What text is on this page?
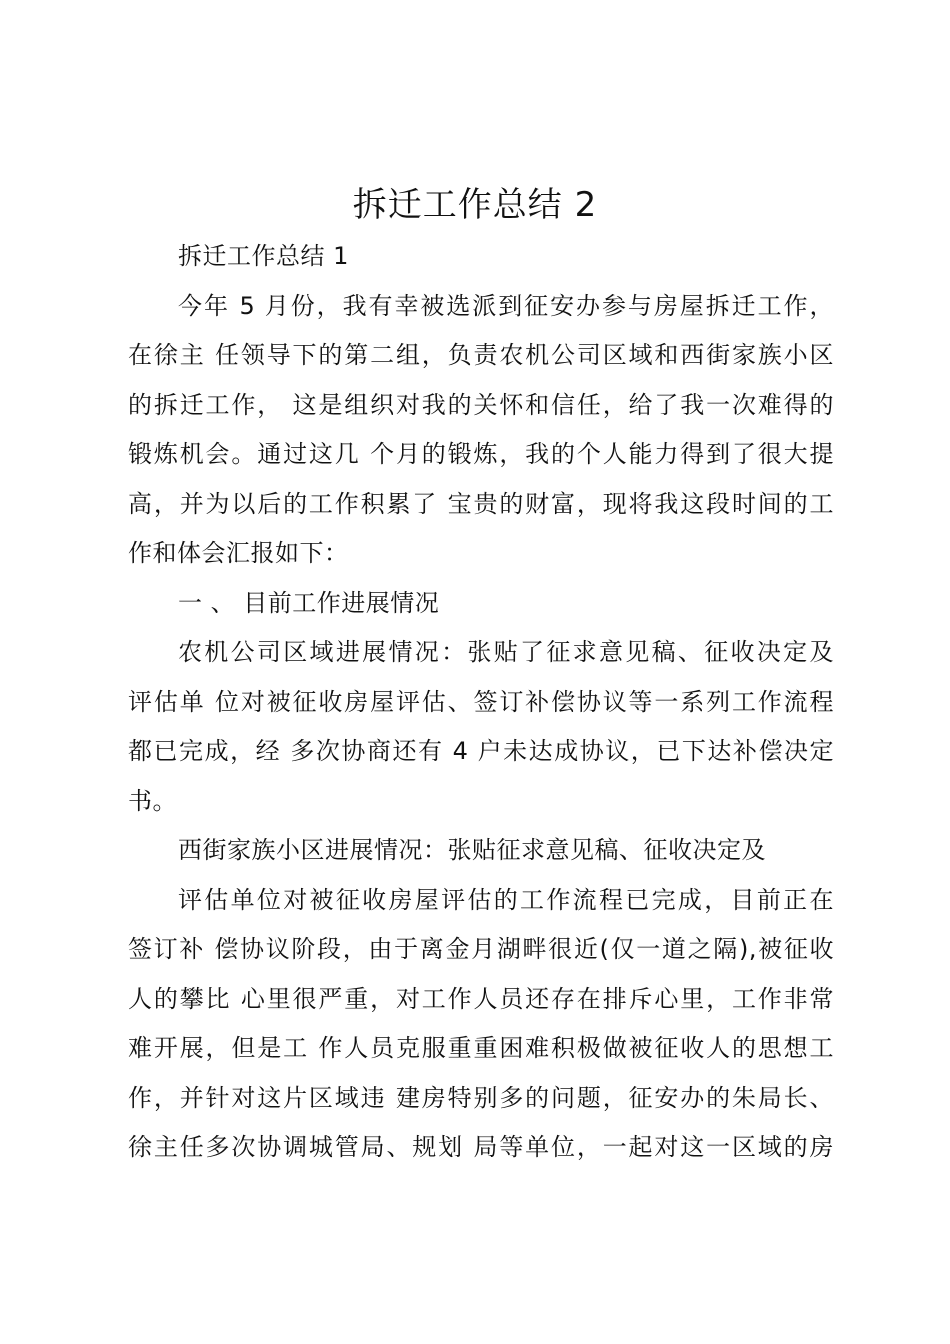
拆迁工作总结 2
拆迁工作总结 1
今年 5 月份，我有幸被选派到征安办参与房屋拆迁工作，
在徐主 任领导下的第二组，负责农机公司区域和西街家族小区
的拆迁工作， 这是组织对我的关怀和信任，给了我一次难得的
锻炼机会。通过这几 个月的锻炼，我的个人能力得到了很大提
高，并为以后的工作积累了 宝贵的财富，现将我这段时间的工
作和体会汇报如下：
一 、 目前工作进展情况
农机公司区域进展情况：张贴了征求意见稿、征收决定及
评估单 位对被征收房屋评估、签订补偿协议等一系列工作流程
都已完成，经 多次协商还有 4 户未达成协议，已下达补偿决定
书。
西街家族小区进展情况：张贴征求意见稿、征收决定及
评估单位对被征收房屋评估的工作流程已完成，目前正在
签订补 偿协议阶段，由于离金月湖畔很近(仅一道之隔),被征收
人的攀比 心里很严重，对工作人员还存在排斥心里，工作非常
难开展，但是工 作人员克服重重困难积极做被征收人的思想工
作，并针对这片区域违 建房特别多的问题，征安办的朱局长、
徐主任多次协调城管局、规划 局等单位，一起对这一区域的房
